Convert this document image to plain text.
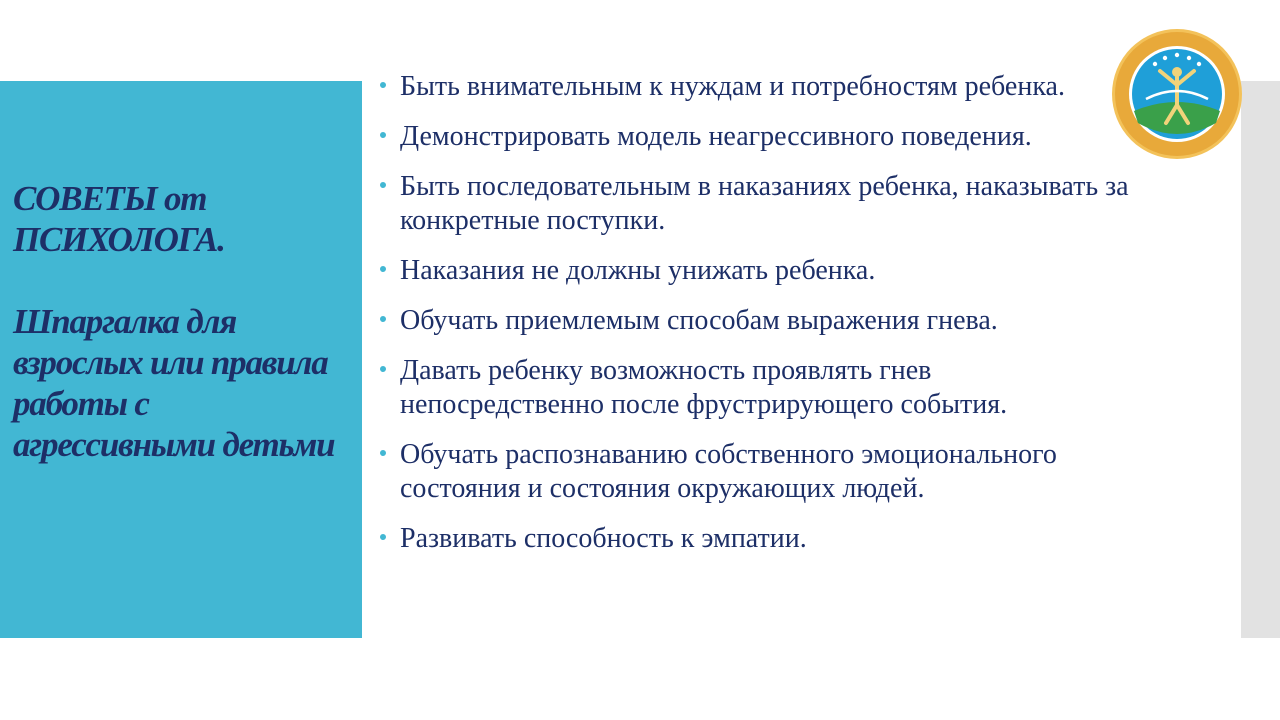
СОВЕТЫ от
ПСИХОЛОГА.
Шпаргалка для
взрослых или правила
работы с
агрессивными детьми
Быть внимательным к нуждам и потребностям ребенка.
Демонстрировать модель неагрессивного поведения.
Быть последовательным в наказаниях ребенка, наказывать за конкретные поступки.
Наказания не должны унижать ребенка.
Обучать приемлемым способам выражения гнева.
Давать ребенку возможность проявлять гнев непосредственно после фрустрирующего события.
Обучать распознаванию собственного эмоционального состояния и состояния окружающих людей.
Развивать способность к эмпатии.
